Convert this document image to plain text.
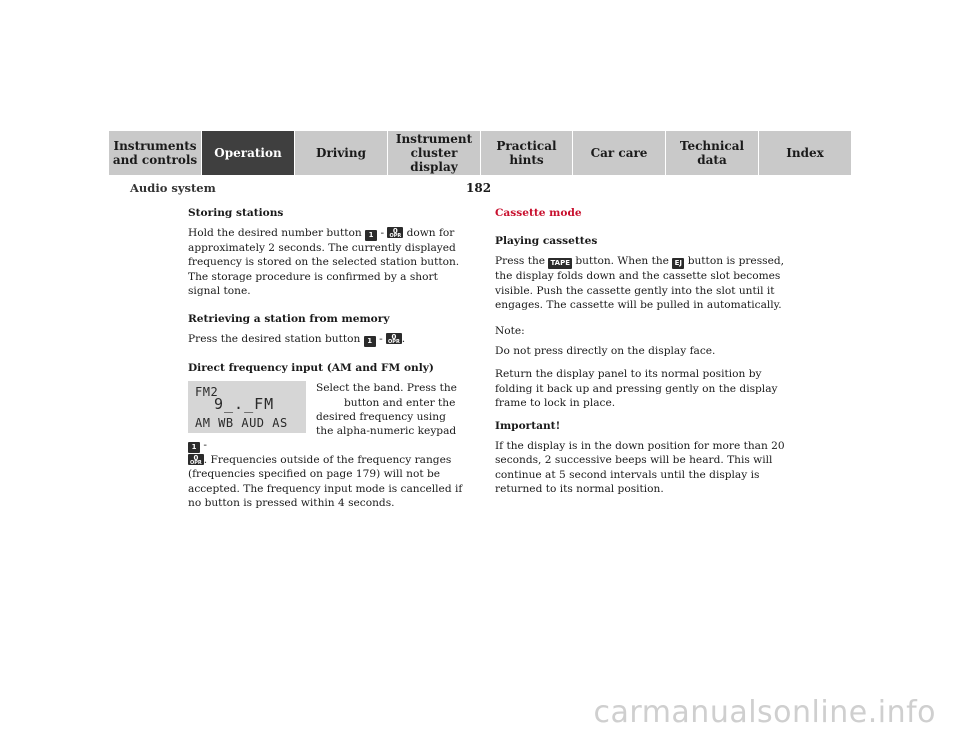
Instruments
and controls Operation	Driving
Instrument
cluster display
Practical hints	Car care	Technical
data	Index
Audio system	182
Storing stations

Hold the desired number button 1 - 0
OPR down for approximately 2 seconds. The currently displayed frequency is stored on the selected station button. The storage procedure is confirmed by a short signal tone.

Retrieving a station from memory

Press the desired station button 1 - 0
OPR .

Direct frequency input (AM and FM only)
FM2
9_._FM
AM WB AUD AS
Select the band. Press the
button and enter the desired frequency using the alpha-numeric keypad 1 -
0
OPR . Frequencies outside of the frequency ranges (frequencies specified on page 179) will not be accepted. The frequency input mode is cancelled if no button is pressed within 4 seconds.
Cassette mode

Playing cassettes

Press the TAPE button. When the EJ button is pressed, the display folds down and the cassette slot becomes visible. Push the cassette gently into the slot until it engages. The cassette will be pulled in automatically.

Note:

Do not press directly on the display face.

Return the display panel to its normal position by folding it back up and pressing gently on the display frame to lock in place.

Important!

If the display is in the down position for more than 20 seconds, 2 successive beeps will be heard. This will continue at 5 second intervals until the display is returned to its normal position.

carmanualsonline.info
